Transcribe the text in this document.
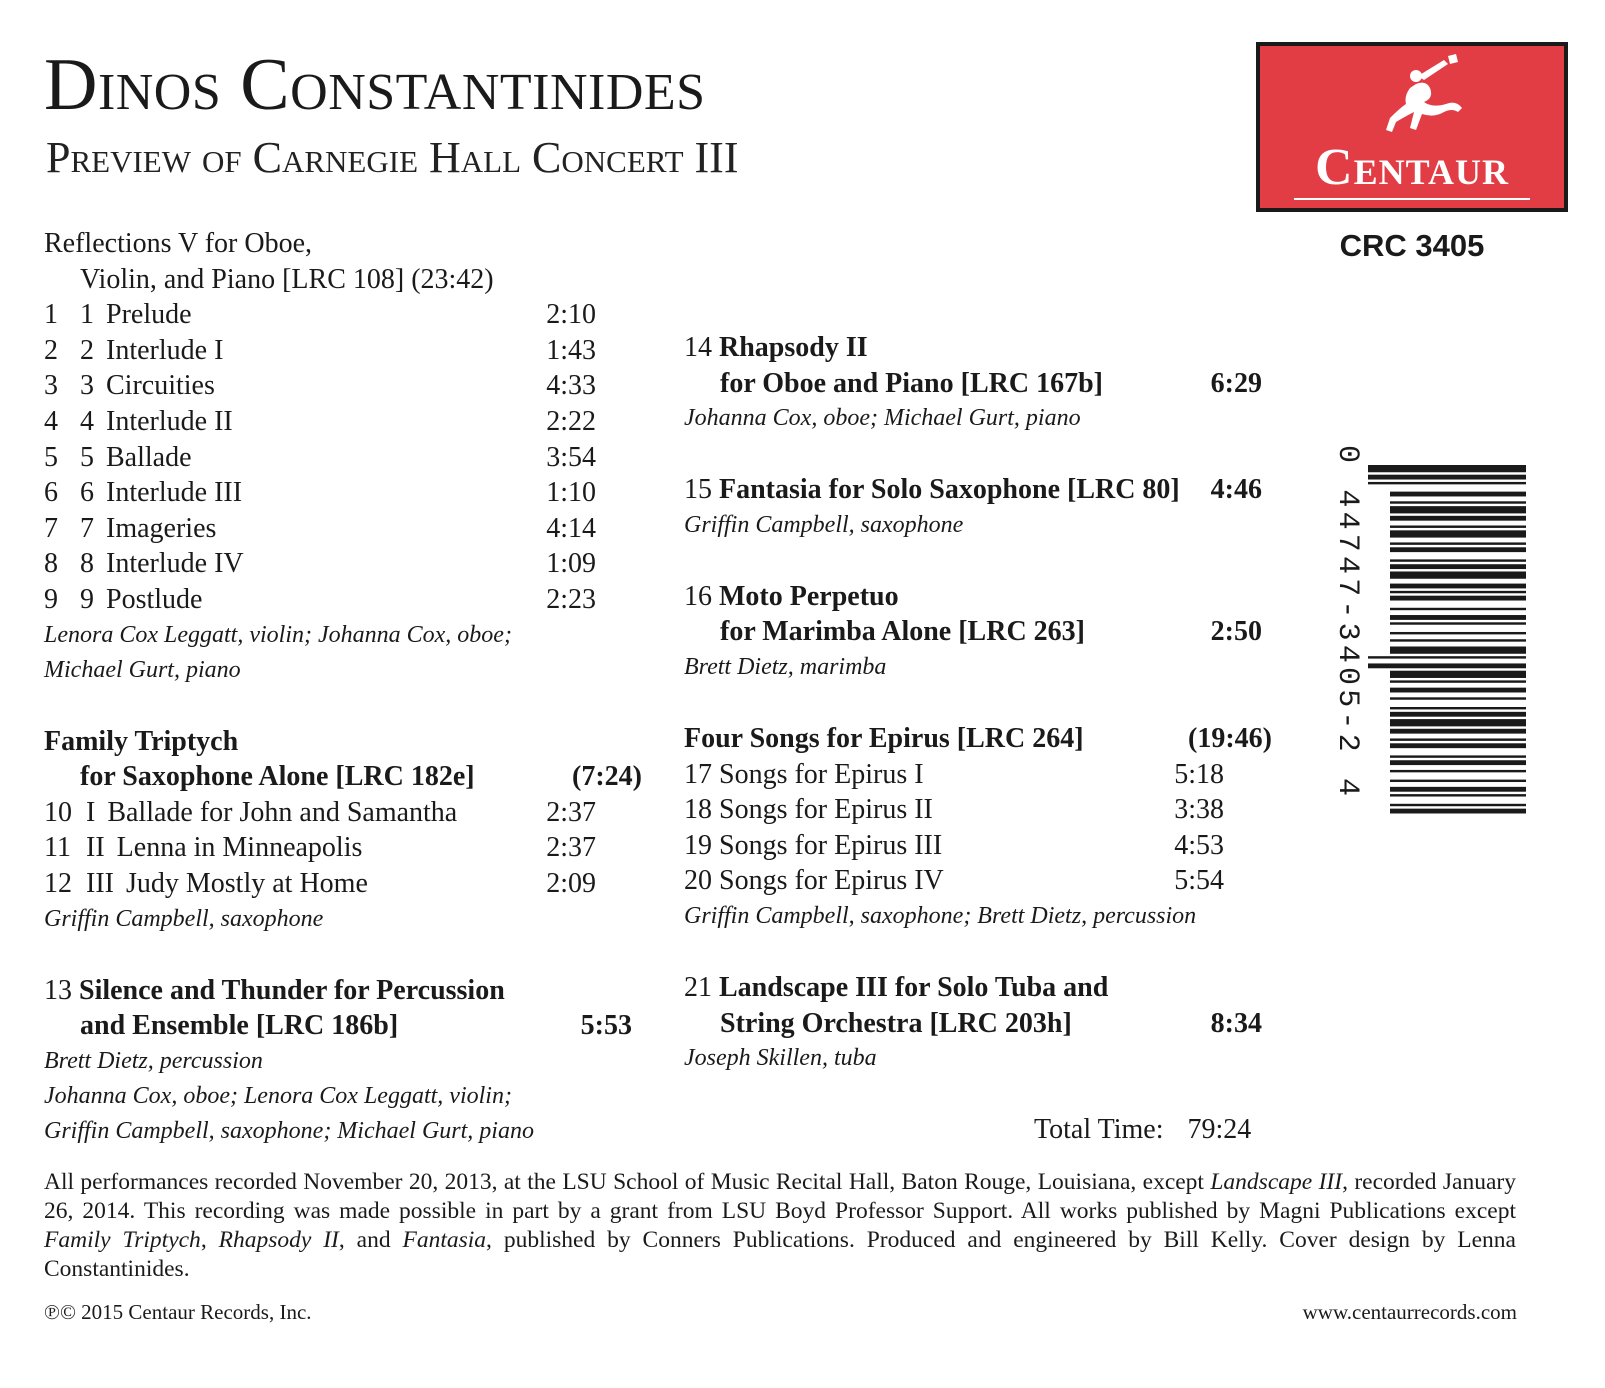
Dinos Constantinides
Preview of Carnegie Hall Concert III	Centaur
CRC 3405
0 44747-3405-2 4
Reflections V for Oboe,
Violin, and Piano [LRC 108] (23:42)
1 1 Prelude	2:10
2 2 Interlude I	1:43
3 3 Circuities	4:33
4 4 Interlude II	2:22
5 5 Ballade	3:54
6 6 Interlude III	1:10
7 7 Imageries	4:14
8 8 Interlude IV	1:09
9 9 Postlude	2:23
Lenora Cox Leggatt, violin; Johanna Cox, oboe;
Michael Gurt, piano
Family Triptych
for Saxophone Alone [LRC 182e]	(7:24)
10 I Ballade for John and Samantha	2:37
11 II Lenna in Minneapolis	2:37
12 III Judy Mostly at Home	2:09
Griffin Campbell, saxophone
13 Silence and Thunder for Percussion
and Ensemble [LRC 186b]	5:53
Brett Dietz, percussion
Johanna Cox, oboe; Lenora Cox Leggatt, violin;
Griffin Campbell, saxophone; Michael Gurt, piano
14 Rhapsody II
for Oboe and Piano [LRC 167b]	6:29
Johanna Cox, oboe; Michael Gurt, piano
15 Fantasia for Solo Saxophone [LRC 80] 4:46
Griffin Campbell, saxophone
16 Moto Perpetuo
for Marimba Alone [LRC 263]	2:50
Brett Dietz, marimba
Four Songs for Epirus [LRC 264]	(19:46)
17 Songs for Epirus I	5:18
18 Songs for Epirus II	3:38
19 Songs for Epirus III	4:53
20 Songs for Epirus IV	5:54
Griffin Campbell, saxophone; Brett Dietz, percussion
21 Landscape III for Solo Tuba and
String Orchestra [LRC 203h]	8:34
Joseph Skillen, tuba
Total Time: 79:24
All performances recorded November 20, 2013, at the LSU School of Music Recital Hall, Baton Rouge, Louisiana, except Landscape III, recorded January 26, 2014. This recording was made possible in part by a grant from LSU Boyd Professor Support. All works published by Magni Publications except Family Triptych, Rhapsody II, and Fantasia, published by Conners Publications. Produced and engineered by Bill Kelly. Cover design by Lenna Constantinides.
℗© 2015 Centaur Records, Inc.	www.centaurrecords.com
